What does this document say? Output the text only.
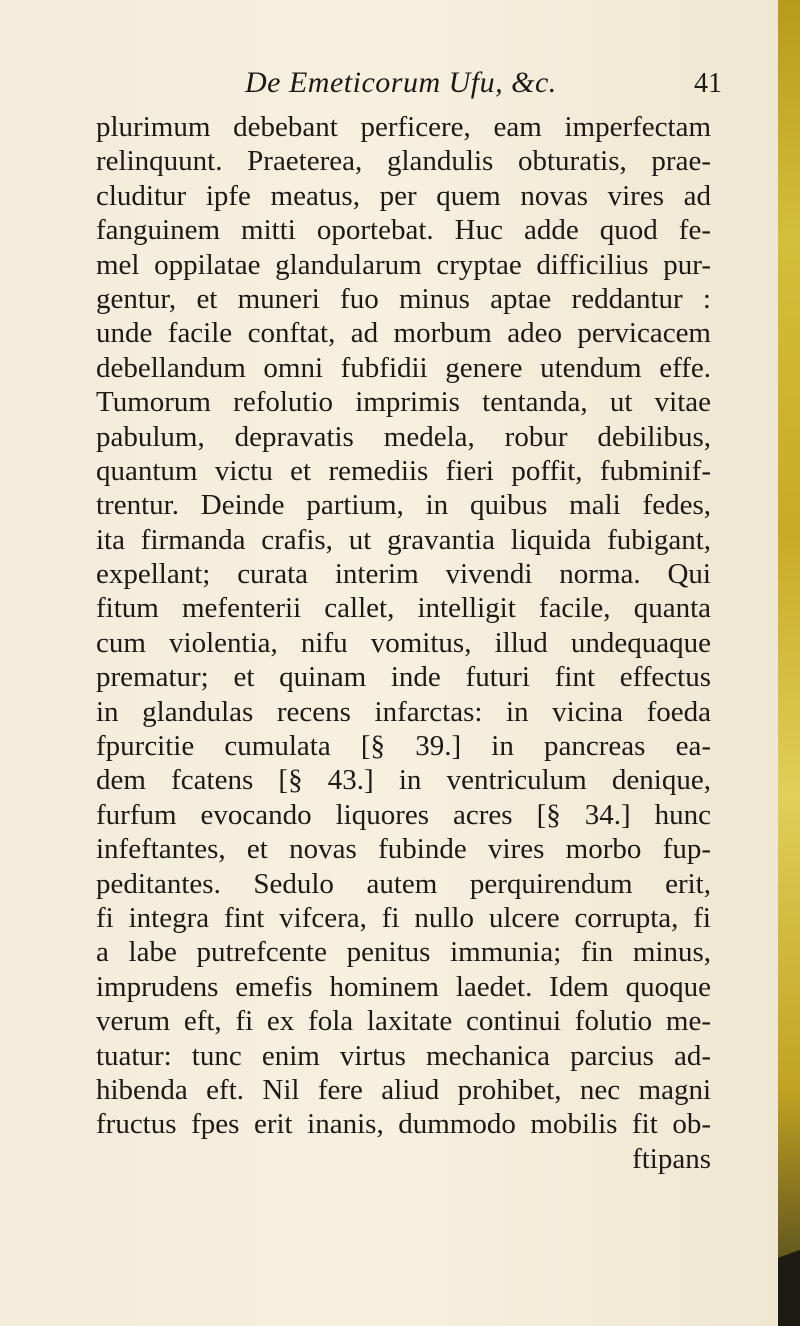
De Emeticorum Ufu, &c.	41
plurimum debebant perficere, eam imperfectam
relinquunt. Praeterea, glandulis obturatis, prae-
cluditur ipfe meatus, per quem novas vires ad
fanguinem mitti oportebat. Huc adde quod fe-
mel oppilatae glandularum cryptae difficilius pur-
gentur, et muneri fuo minus aptae reddantur :
unde facile conftat, ad morbum adeo pervicacem
debellandum omni fubfidii genere utendum effe.
Tumorum refolutio imprimis tentanda, ut vitae
pabulum, depravatis medela, robur debilibus,
quantum victu et remediis fieri poffit, fubminif-
trentur. Deinde partium, in quibus mali fedes,
ita firmanda crafis, ut gravantia liquida fubigant,
expellant; curata interim vivendi norma. Qui
fitum mefenterii callet, intelligit facile, quanta
cum violentia, nifu vomitus, illud undequaque
prematur; et quinam inde futuri fint effectus
in glandulas recens infarctas: in vicina foeda
fpurcitie cumulata [§ 39.] in pancreas ea-
dem fcatens [§ 43.] in ventriculum denique,
furfum evocando liquores acres [§ 34.] hunc
infeftantes, et novas fubinde vires morbo fup-
peditantes. Sedulo autem perquirendum erit,
fi integra fint vifcera, fi nullo ulcere corrupta, fi
a labe putrefcente penitus immunia; fin minus,
imprudens emefis hominem laedet. Idem quoque
verum eft, fi ex fola laxitate continui folutio me-
tuatur: tunc enim virtus mechanica parcius ad-
hibenda eft. Nil fere aliud prohibet, nec magni
fructus fpes erit inanis, dummodo mobilis fit ob-
ftipans
